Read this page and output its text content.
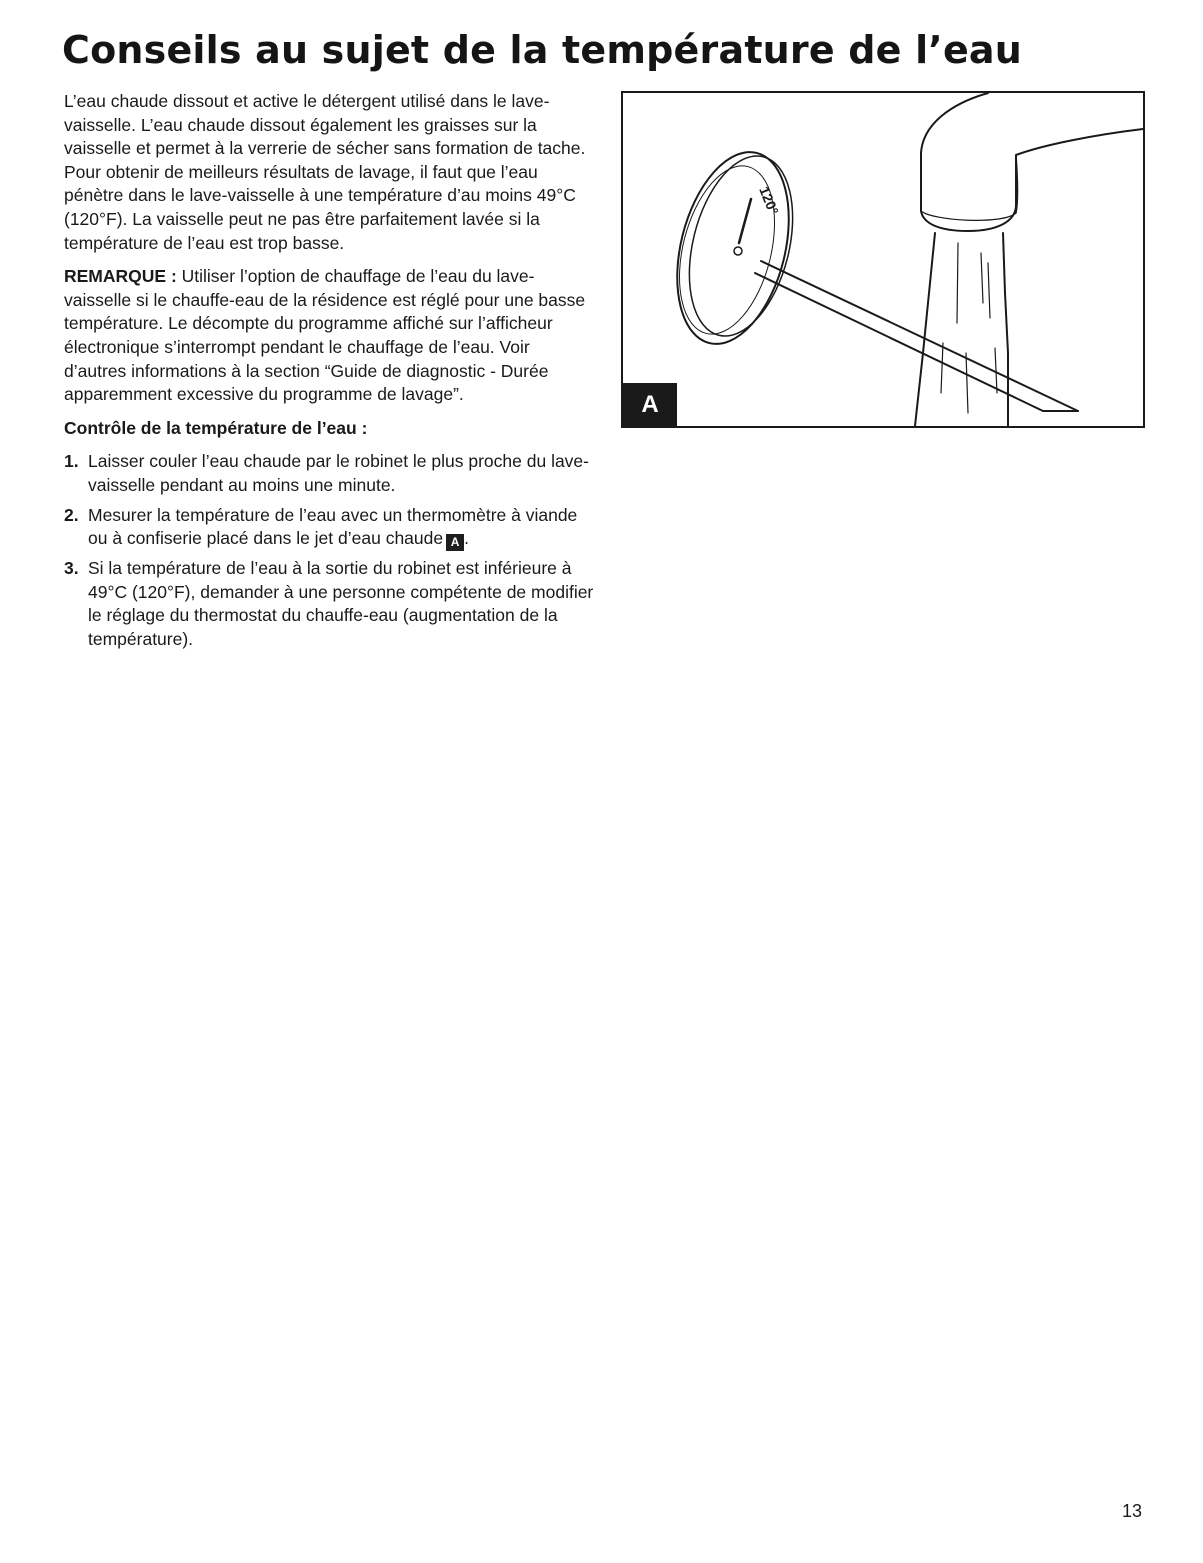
Conseils au sujet de la température de l’eau

L’eau chaude dissout et active le détergent utilisé dans le lave-vaisselle. L’eau chaude dissout également les graisses sur la vaisselle et permet à la verrerie de sécher sans formation de tache. Pour obtenir de meilleurs résultats de lavage, il faut que l’eau pénètre dans le lave-vaisselle à une température d’au moins 49°C (120°F). La vaisselle peut ne pas être parfaitement lavée si la température de l’eau est trop basse.

REMARQUE : Utiliser l’option de chauffage de l’eau du lave-vaisselle si le chauffe-eau de la résidence est réglé pour une basse température. Le décompte du programme affiché sur l’afficheur électronique s’interrompt pendant le chauffage de l’eau. Voir d’autres informations à la section “Guide de diagnostic - Durée apparemment excessive du programme de lavage”.

Contrôle de la température de l’eau :

1. Laisser couler l’eau chaude par le robinet le plus proche du lave-vaisselle pendant au moins une minute.
2. Mesurer la température de l’eau avec un thermomètre à viande ou à confiserie placé dans le jet d’eau chaude A .
3. Si la température de l’eau à la sortie du robinet est inférieure à 49°C (120°F), demander à une personne compétente de modifier le réglage du thermostat du chauffe-eau (augmentation de la température).
120°
A
13
